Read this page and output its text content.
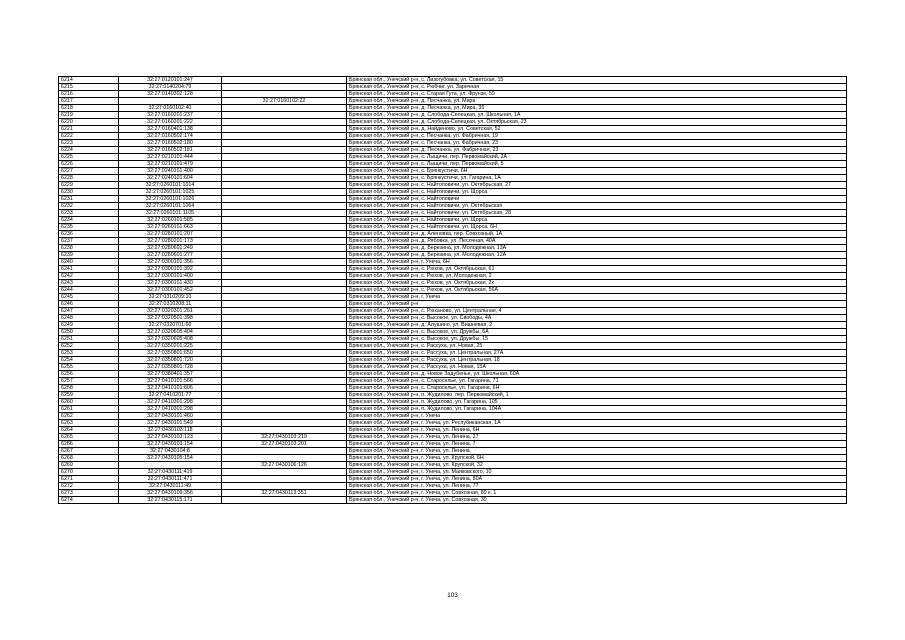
6214	32:27:0120101:247		Брянская обл., Унечский р-н, с. Лизогубовка, ул. Советская, 15
6215	32:27:0140204:79		Брянская обл., Унечский р-н, с. Рюбчиг, ул. Заречная
6216	32:27:0140302:128		Брянская обл., Унечский р-н, с. Старая Гута, ул. Фрунзе, 59
6217		32:27:0160102:22	Брянская обл., Унечский р-н, д. Песчанка, ул. Мира
6218	32:27:0160102:40		Брянская обл., Унечский р-н, д. Песчанка, ул. Мира, 35
6219	32:27:0160201:237		Брянская обл., Унечский р-н, д. Слобода-Селецкая, ул. Школьная, 1А
6220	32:27:0160201:222		Брянская обл., Унечский р-н, д. Слобода-Селецкая, ул. Октябрьская, 23
6221	32:27:0160401:138		Брянская обл., Унечский р-н, д. Найденово, ул. Советская, 52
6222	32:27:0160502:174		Брянская обл., Унечский р-н, с. Песчанка, ул. Фабричная, 19
6223	32:27:0160502:180		Брянская обл., Унечский р-н, с. Песчанка, ул. Фабричная, 23
6224	32:27:0160502:181		Брянская обл., Унечский р-н, д. Песчанка, ул. Фабричная, 23
6225	32:27:0210101:444		Брянская обл., Унечский р-н, с. Лыщичи, пер. Первомайский, 2А
6226	32:27:0210101:479		Брянская обл., Унечский р-н, с. Лыщичи, пер. Первомайский, 5
6227	32:27:0240101:400		Брянская обл., Унечский р-н, с. Брянкустичи, 6Н
6228	32:27:0240101:604		Брянская обл., Унечский р-н, с. Брянкустичи, ул. Гагарина, 1А
6229	32:27:0260101:1014		Брянская обл., Унечский р-н, с. Найтоповичи, ул. Октябрьская, 27
6230	32:27:0260101:1025		Брянская обл., Унечский р-н, с. Найтоповичи, ул. Щорса
6231	32:27:0260101:1026		Брянская обл., Унечский р-н, с. Найтоповичи
6232	32:27:0260101:1064		Брянская обл., Унечский р-н, с. Найтоповичи, ул. Октябрьская
6233	32:27:0260101:1105		Брянская обл., Унечский р-н, с. Найтоповичи, ул. Октябрьская, 28
6234	32:27:0260101:585		Брянская обл., Унечский р-н, с. Найтоповичи, ул. Щорса
6235	32:27:0260101:663		Брянская обл., Унечский р-н, с. Найтоповичи, ул. Щорса, 6Н
6236	32:27:0280101:207		Брянская обл., Унечский р-н, д. Аленовка, пер. Совхозный, 1А
6237	32:27:0280201:173		Брянская обл., Унечский р-н, д. Рябовка, ул. Песочная, 40А
6238	32:27:0280601:249		Брянская обл., Унечский р-н, д. Березина, ул. Молодежная, 13А
6239	32:27:0280601:277		Брянская обл., Унечский р-н, д. Березина, ул. Молодежная, 12А
6240	32:27:0300101:356		Брянская обл., Унечский р-н, г. Унеча, 6Н
6241	32:27:0300101:392		Брянская обл., Унечский р-н, с. Рюхов, ул. Октябрьская, 61
6242	32:27:0300101:400		Брянская обл., Унечский р-н, с. Рюхов, ул. Молодежная, 2
6243	32:27:0300101:430		Брянская обл., Унечский р-н, с. Рюхов, ул. Октябрьская, 2к
6244	32:27:0300101:452		Брянская обл., Унечский р-н, с. Рюхов, ул. Октябрьская, 56А
6245	32:27:0310209:10		Брянская обл., Унечский р-н, г. Унеча
6246	32:27:0310208:11		Брянская обл., Унечский р-н
6247	32:27:0320301:261		Брянская обл., Унечский р-н, с. Рюханово, ул. Центральная, 4
6248	32:27:0320501:398		Брянская обл., Унечский р-н, с. Высокое, ул. Свободы, 4А
6249	32:27:0320701:66		Брянская обл., Унечский р-н, д. Алушино, ул. Вишневая, 2
6250	32:27:0320605:404		Брянская обл., Унечский р-н, с. Высокое, ул. Дружбы, 6А
6251	32:27:0320605:408		Брянская обл., Унечский р-н, с. Высокое, ул. Дружбы, 15
6252	32:27:0350201:225		Брянская обл., Унечский р-н, с. Рассуха, ул. Новая, 25
6253	32:27:0350801:650		Брянская обл., Унечский р-н, с. Рассуха, ул. Центральная, 27А
6254	32:27:0350801:720		Брянская обл., Унечский р-н, с. Рассуха, ул. Центральная, 18
6255	32:27:0350801:728		Брянская обл., Унечский р-н, с. Рассуха, ул. Новая, 15А
6256	32:27:0380401:357		Брянская обл., Унечский р-н, д. Новое Задубенье, ул. Школьная, 60А
6257	32:27:0410101:566		Брянская обл., Унечский р-н, с. Старосельe, ул. Гагарина, 71
6258	32:27:0410101:606		Брянская обл., Унечский р-н, с. Старосельe, ул. Гагарина, 6Н
6259	32:27:0410201:77		Брянская обл., Унечский р-н, п. Жудилово, пер. Первомайский, 1
6260	32:27:0410301:298		Брянская обл., Унечский р-н, п. Жудилово, ул. Гагарина, 105
6261	32:27:0410301:298		Брянская обл., Унечский р-н, п. Жудилово, ул. Гагарина, 104А
6262	32:27:0430101:460		Брянская обл., Унечский р-н, г. Унеча
6263	32:27:0430101:549		Брянская обл., Унечский р-н, г. Унеча, ул. Респубиканская, 1А
6264	32:27:0430103:118		Брянская обл., Унечский р-н, г. Унеча, ул. Ленина, 6Н
6265	32:27:0430103:123	32:27:0430103:219	Брянская обл., Унечский р-н, г. Унеча, ул. Ленина, 27
6266	32:27:0430103:154	32:27:0430103:201	Брянская обл., Унечский р-н, г. Унеча, ул. Ленина, 7
6267	32:27:0430104:8		Брянская обл., Унечский р-н, г. Унеча, ул. Ленина
6268	32:27:0430105:154		Брянская обл., Унечский р-н, г. Унеча, ул. Крупской, 6Н
6269		32:27:0430106:126	Брянская обл., Унечский р-н, г. Унеча, ул. Крупской, 32
6270	32:27:0430111:419		Брянская обл., Унечский р-н, г. Унеча, ул. Маяковского, 10
6271	32:27:0430111:471		Брянская обл., Унечский р-н, г. Унеча, ул. Ленина, 80А
6272	32:27:0430111:49		Брянская обл., Унечский р-н, г. Унеча, ул. Ленина, 77
6273	32:27:0430109:356	32:27:0430113:351	Брянская обл., Унечский р-н, г. Унеча, ул. Совхозная, 80 к. 1
6274	32:27:0430115:171		Брянская обл., Унечский р-н, г. Унеча, ул. Совхозная, 30
103
